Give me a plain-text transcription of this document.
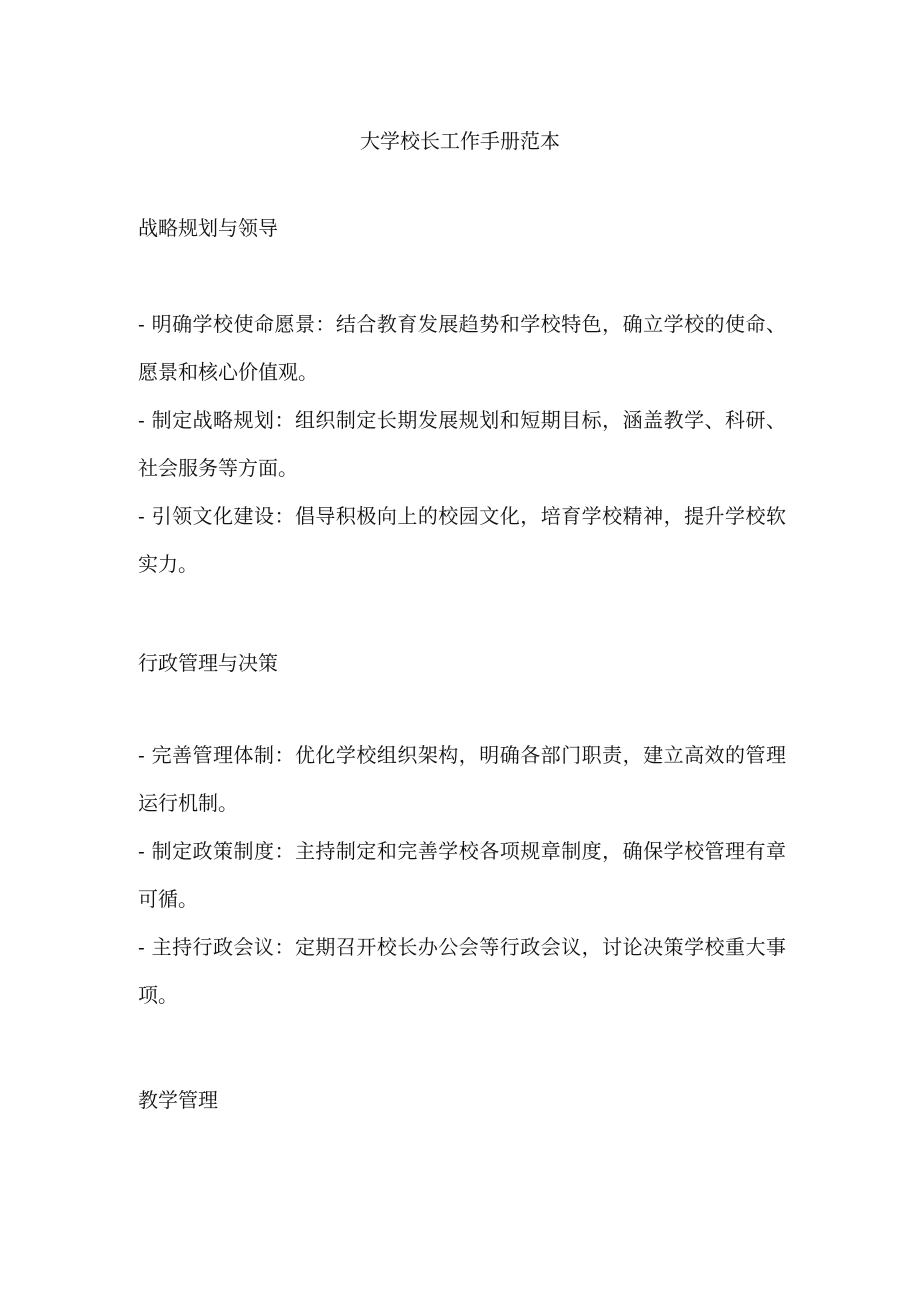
大学校长工作手册范本
战略规划与领导

- 明确学校使命愿景：结合教育发展趋势和学校特色，确立学校的使命、愿景和核心价值观。

- 制定战略规划：组织制定长期发展规划和短期目标，涵盖教学、科研、社会服务等方面。

- 引领文化建设：倡导积极向上的校园文化，培育学校精神，提升学校软实力。

行政管理与决策

- 完善管理体制：优化学校组织架构，明确各部门职责，建立高效的管理运行机制。

- 制定政策制度：主持制定和完善学校各项规章制度，确保学校管理有章可循。

- 主持行政会议：定期召开校长办公会等行政会议，讨论决策学校重大事项。

教学管理
